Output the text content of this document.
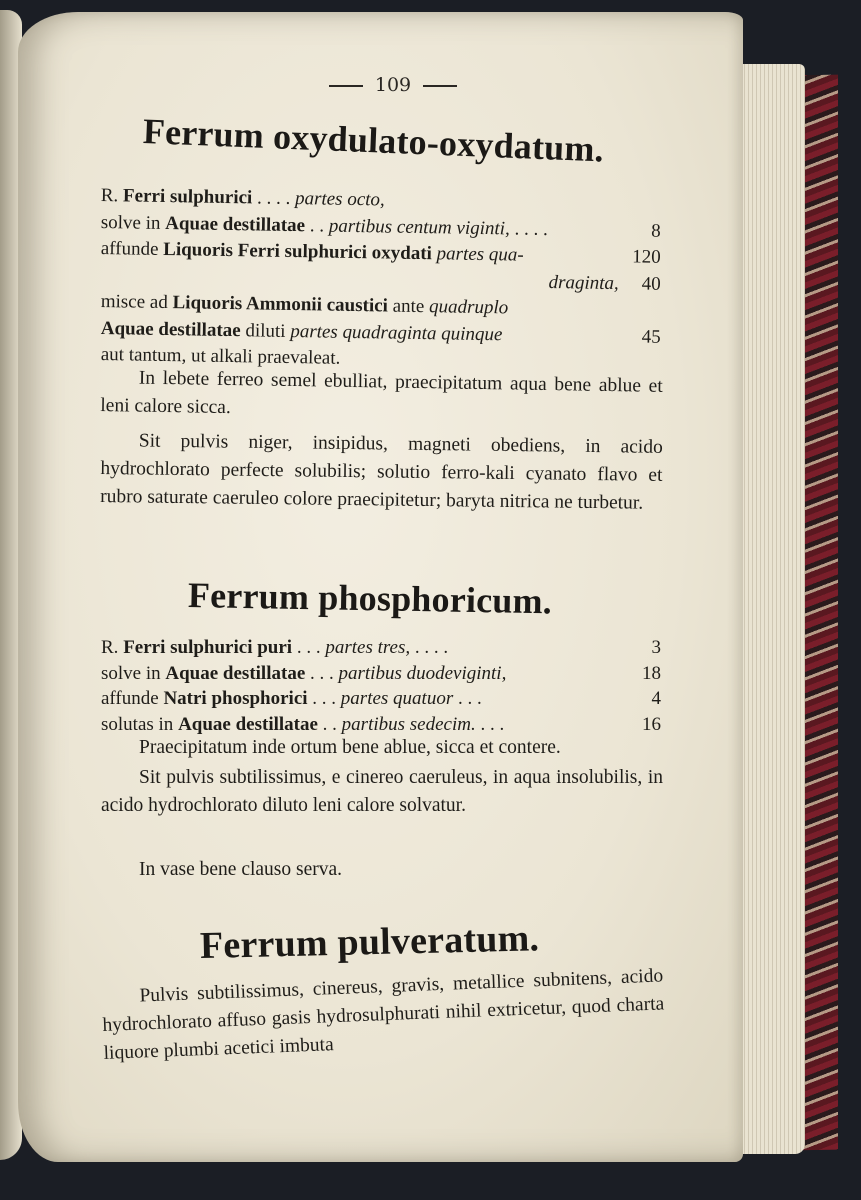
109
Ferrum oxydulato-oxydatum.
R. Ferri sulphurici . . . . partes octo,
solve in Aquae destillatae . . partibus centum viginti, . . . .	8
affunde Liquoris Ferri sulphurici oxydati partes qua-	120
draginta, 40
misce ad Liquoris Ammonii caustici ante quadruplo
Aquae destillatae diluti partes quadraginta quinque	45
aut tantum, ut alkali praevaleat.
In lebete ferreo semel ebulliat, praecipitatum aqua bene ablue et leni calore sicca.
Sit pulvis niger, insipidus, magneti obediens, in acido hydrochlorato perfecte solubilis; solutio ferro-kali cyanato flavo et rubro saturate caeruleo colore praecipitetur; baryta nitrica ne turbetur.
Ferrum phosphoricum.
R. Ferri sulphurici puri . . . partes tres, . . . .	3
solve in Aquae destillatae . . . partibus duodeviginti,	18
affunde Natri phosphorici . . . partes quatuor . . .	4
solutas in Aquae destillatae . . partibus sedecim. . . .	16
Praecipitatum inde ortum bene ablue, sicca et contere.
Sit pulvis subtilissimus, e cinereo caeruleus, in aqua insolubilis, in acido hydrochlorato diluto leni calore solvatur.
In vase bene clauso serva.
Ferrum pulveratum.
Pulvis subtilissimus, cinereus, gravis, metallice subnitens, acido hydrochlorato affuso gasis hydrosulphurati nihil extricetur, quod charta liquore plumbi acetici imbuta
